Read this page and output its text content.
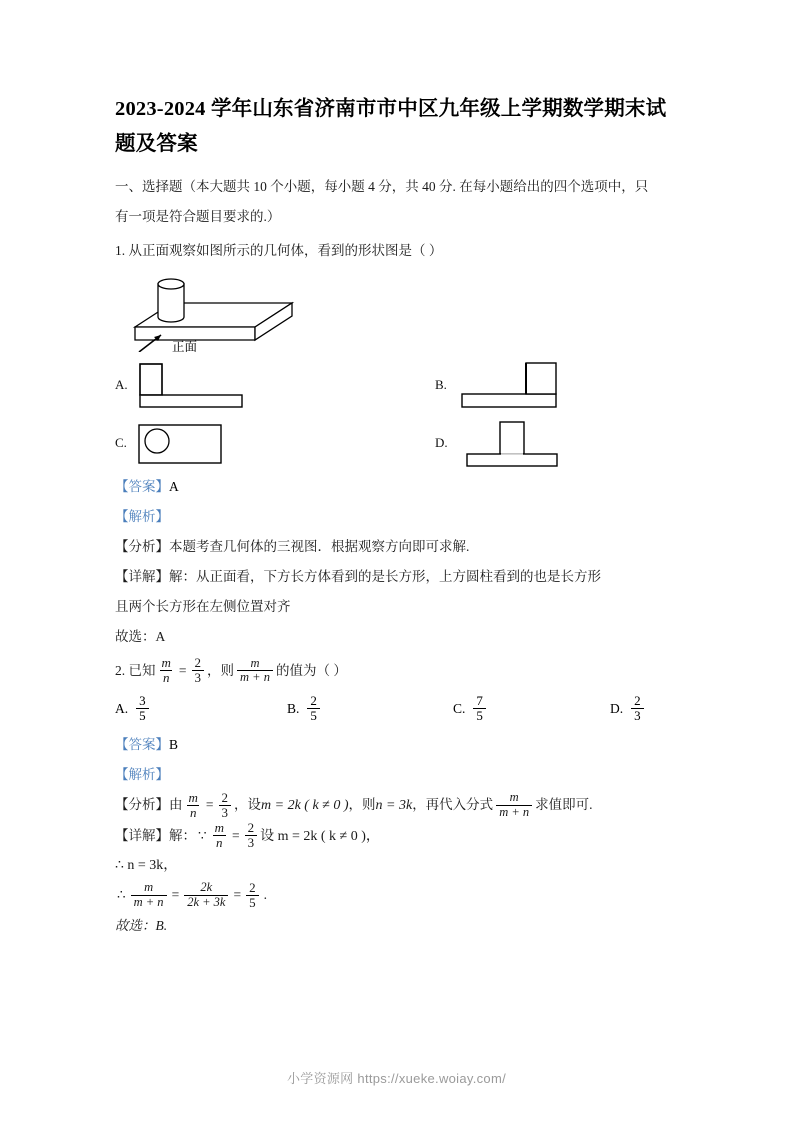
2023-2024 学年山东省济南市市中区九年级上学期数学期末试题及答案

一、选择题（本大题共 10 个小题，每小题 4 分，共 40 分. 在每小题给出的四个选项中，只

有一项是符合题目要求的.）

1. 从正面观察如图所示的几何体，看到的形状图是（ ）

正面
A.	B.
C.	D.

【答案】A

【解析】

【分析】本题考查几何体的三视图．根据观察方向即可求解.

【详解】解：从正面看，下方长方体看到的是长方形，上方圆柱看到的也是长方形

且两个长方形在左侧位置对齐

故选：A

2. 已知 $\frac{m}{n} = \frac{2}{3}$ ，则 $\frac{m}{m + n}$ 的值为（ ）

A. $\frac{3}{5}$	B. $\frac{2}{5}$	C. $\frac{7}{5}$	D. $\frac{2}{3}$

【答案】B

【解析】

【分析】由 $\frac{m}{n} = \frac{2}{3}$ ，设m = 2k ( k ≠ 0 )，则n = 3k，再代入分式 $\frac{m}{m + n}$ 求值即可.

【详解】解： ∵ $\frac{m}{n} = \frac{2}{3}$ 设 m = 2k ( k ≠ 0 )，

∴ n = 3k，

∴ $\frac{m}{m + n} = \frac{2k}{2k + 3k} = \frac{2}{5}$ .

故选：B.

小学资源网 https://xueke.woiay.com/
